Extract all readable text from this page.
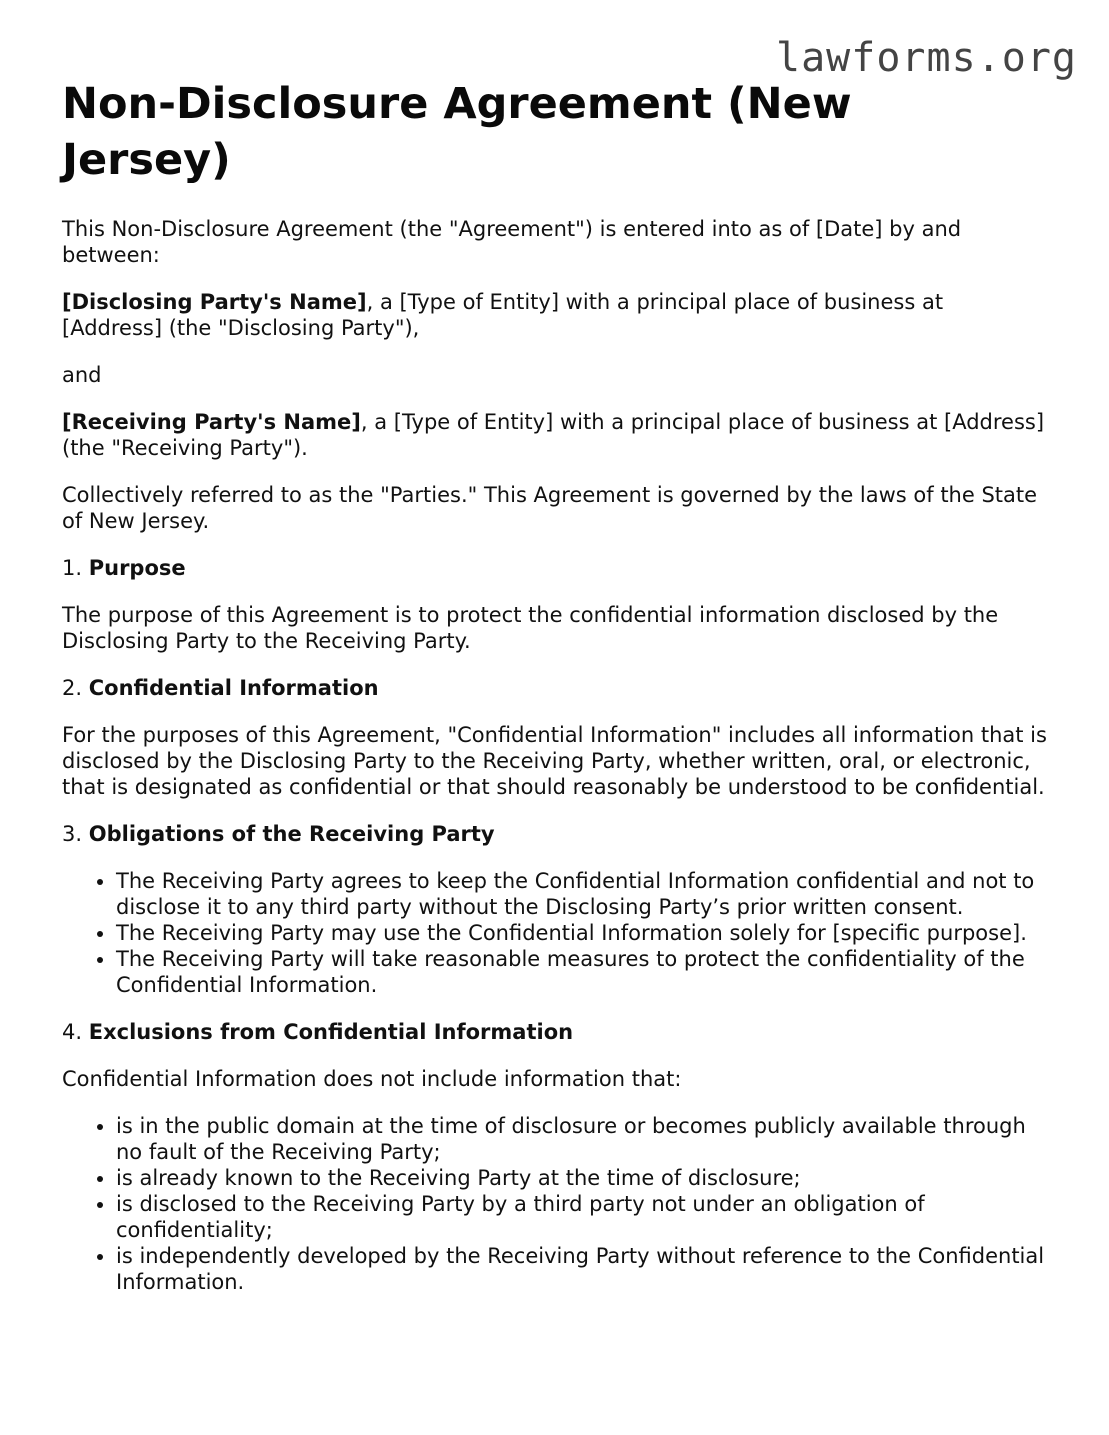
lawforms.org
Non-Disclosure Agreement (New Jersey)

This Non-Disclosure Agreement (the "Agreement") is entered into as of [Date] by and between:

[Disclosing Party's Name], a [Type of Entity] with a principal place of business at [Address] (the "Disclosing Party"),

and

[Receiving Party's Name], a [Type of Entity] with a principal place of business at [Address] (the "Receiving Party").

Collectively referred to as the "Parties." This Agreement is governed by the laws of the State of New Jersey.

1. Purpose

The purpose of this Agreement is to protect the confidential information disclosed by the Disclosing Party to the Receiving Party.

2. Confidential Information

For the purposes of this Agreement, "Confidential Information" includes all information that is disclosed by the Disclosing Party to the Receiving Party, whether written, oral, or electronic, that is designated as confidential or that should reasonably be understood to be confidential.

3. Obligations of the Receiving Party

• The Receiving Party agrees to keep the Confidential Information confidential and not to disclose it to any third party without the Disclosing Party’s prior written consent.
• The Receiving Party may use the Confidential Information solely for [specific purpose].
• The Receiving Party will take reasonable measures to protect the confidentiality of the Confidential Information.

4. Exclusions from Confidential Information

Confidential Information does not include information that:

• is in the public domain at the time of disclosure or becomes publicly available through no fault of the Receiving Party;
• is already known to the Receiving Party at the time of disclosure;
• is disclosed to the Receiving Party by a third party not under an obligation of confidentiality;
• is independently developed by the Receiving Party without reference to the Confidential Information.
